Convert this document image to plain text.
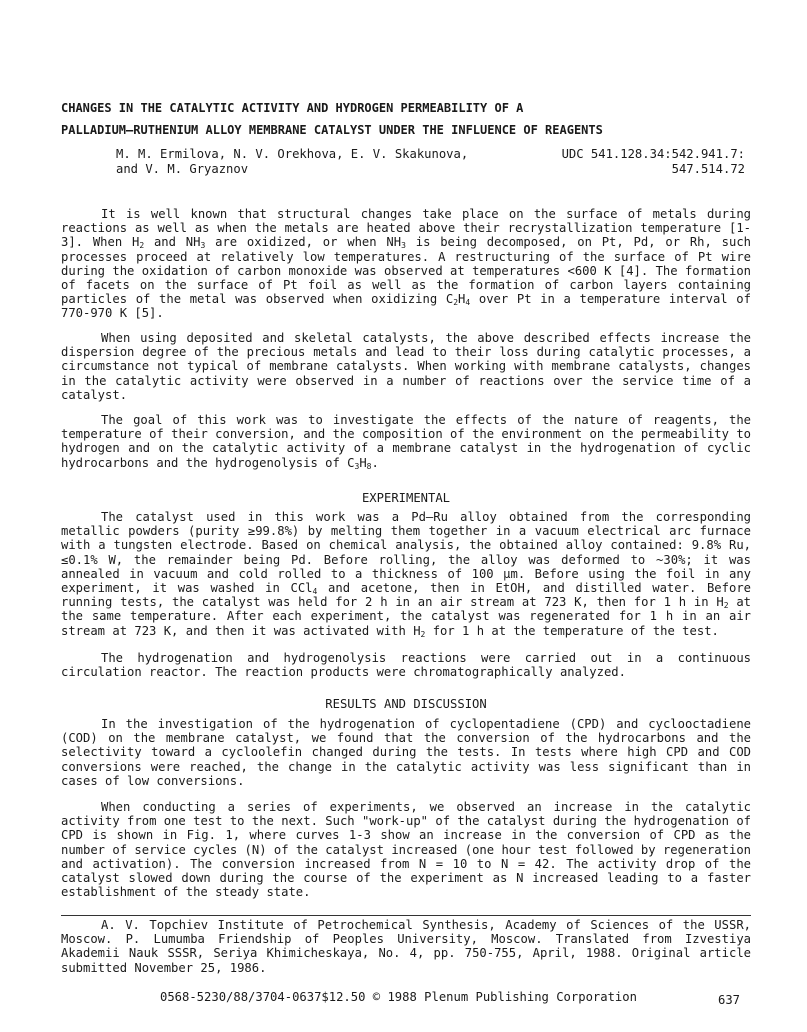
CHANGES IN THE CATALYTIC ACTIVITY AND HYDROGEN PERMEABILITY OF A
PALLADIUM–RUTHENIUM ALLOY MEMBRANE CATALYST UNDER THE INFLUENCE OF REAGENTS
M. M. Ermilova, N. V. Orekhova, E. V. Skakunova,
and V. M. Gryaznov
UDC 541.128.34:542.941.7:
547.514.72

It is well known that structural changes take place on the surface of metals during reactions as well as when the metals are heated above their recrystallization temperature [1-3]. When $H_2$ and $NH_3$ are oxidized, or when $NH_3$ is being decomposed, on Pt, Pd, or Rh, such processes proceed at relatively low temperatures. A restructuring of the surface of Pt wire during the oxidation of carbon monoxide was observed at temperatures <600 K [4]. The formation of facets on the surface of Pt foil as well as the formation of carbon layers containing particles of the metal was observed when oxidizing $C_2H_4$ over Pt in a temperature interval of 770-970 K [5].

When using deposited and skeletal catalysts, the above described effects increase the dispersion degree of the precious metals and lead to their loss during catalytic processes, a circumstance not typical of membrane catalysts. When working with membrane catalysts, changes in the catalytic activity were observed in a number of reactions over the service time of a catalyst.

The goal of this work was to investigate the effects of the nature of reagents, the temperature of their conversion, and the composition of the environment on the permeability to hydrogen and on the catalytic activity of a membrane catalyst in the hydrogenation of cyclic hydrocarbons and the hydrogenolysis of $C_3H_8$.

EXPERIMENTAL

The catalyst used in this work was a Pd–Ru alloy obtained from the corresponding metallic powders (purity ≥99.8%) by melting them together in a vacuum electrical arc furnace with a tungsten electrode. Based on chemical analysis, the obtained alloy contained: 9.8% Ru, ≤0.1% W, the remainder being Pd. Before rolling, the alloy was deformed to ~30%; it was annealed in vacuum and cold rolled to a thickness of 100 μm. Before using the foil in any experiment, it was washed in CCl$_4$ and acetone, then in EtOH, and distilled water. Before running tests, the catalyst was held for 2 h in an air stream at 723 K, then for 1 h in $H_2$ at the same temperature. After each experiment, the catalyst was regenerated for 1 h in an air stream at 723 K, and then it was activated with $H_2$ for 1 h at the temperature of the test.

The hydrogenation and hydrogenolysis reactions were carried out in a continuous circulation reactor. The reaction products were chromatographically analyzed.

RESULTS AND DISCUSSION

In the investigation of the hydrogenation of cyclopentadiene (CPD) and cyclooctadiene (COD) on the membrane catalyst, we found that the conversion of the hydrocarbons and the selectivity toward a cycloolefin changed during the tests. In tests where high CPD and COD conversions were reached, the change in the catalytic activity was less significant than in cases of low conversions.

When conducting a series of experiments, we observed an increase in the catalytic activity from one test to the next. Such "work-up" of the catalyst during the hydrogenation of CPD is shown in Fig. 1, where curves 1-3 show an increase in the conversion of CPD as the number of service cycles (N) of the catalyst increased (one hour test followed by regeneration and activation). The conversion increased from N = 10 to N = 42. The activity drop of the catalyst slowed down during the course of the experiment as N increased leading to a faster establishment of the steady state.

A. V. Topchiev Institute of Petrochemical Synthesis, Academy of Sciences of the USSR, Moscow. P. Lumumba Friendship of Peoples University, Moscow. Translated from Izvestiya Akademii Nauk SSSR, Seriya Khimicheskaya, No. 4, pp. 750-755, April, 1988. Original article submitted November 25, 1986.

0568-5230/88/3704-0637$12.50 © 1988 Plenum Publishing Corporation	637
